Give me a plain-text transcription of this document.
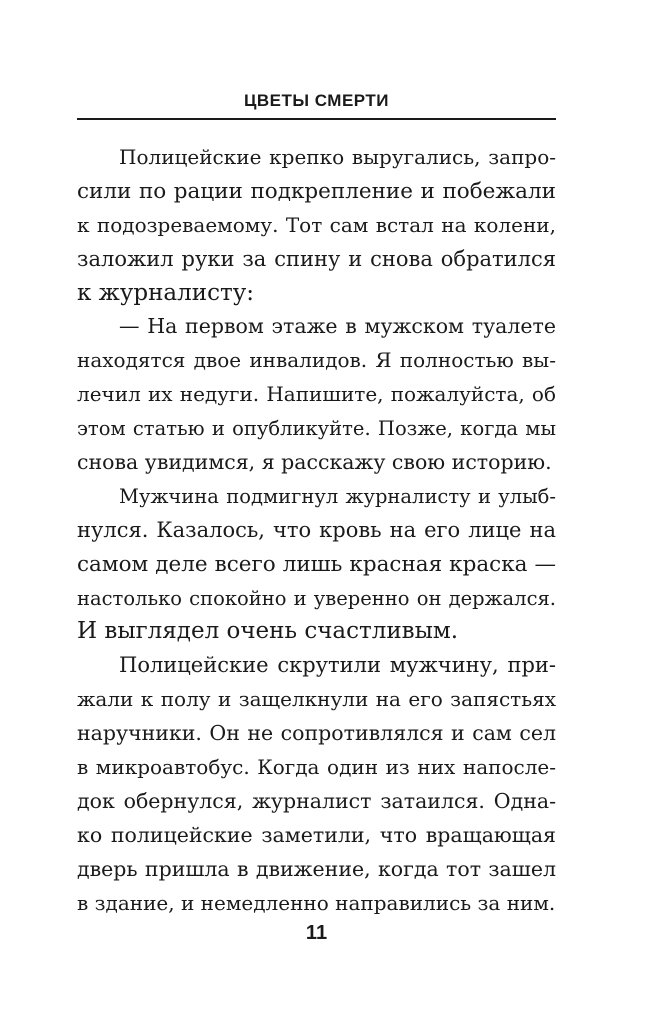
ЦВЕТЫ СМЕРТИ
Полицейские крепко выругались, запро-
сили по рации подкрепление и побежали
к подозреваемому. Тот сам встал на колени,
заложил руки за спину и снова обратился
к журналисту:
— На первом этаже в мужском туалете
находятся двое инвалидов. Я полностью вы-
лечил их недуги. Напишите, пожалуйста, об
этом статью и опубликуйте. Позже, когда мы
снова увидимся, я расскажу свою историю.
Мужчина подмигнул журналисту и улыб-
нулся. Казалось, что кровь на его лице на
самом деле всего лишь красная краска —
настолько спокойно и уверенно он держался.
И выглядел очень счастливым.
Полицейские скрутили мужчину, при-
жали к полу и защелкнули на его запястьях
наручники. Он не сопротивлялся и сам сел
в микроавтобус. Когда один из них напосле-
док обернулся, журналист затаился. Однa-
ко полицейские заметили, что вращающая
дверь пришла в движение, когда тот зашел
в здание, и немедленно направились за ним.
11
